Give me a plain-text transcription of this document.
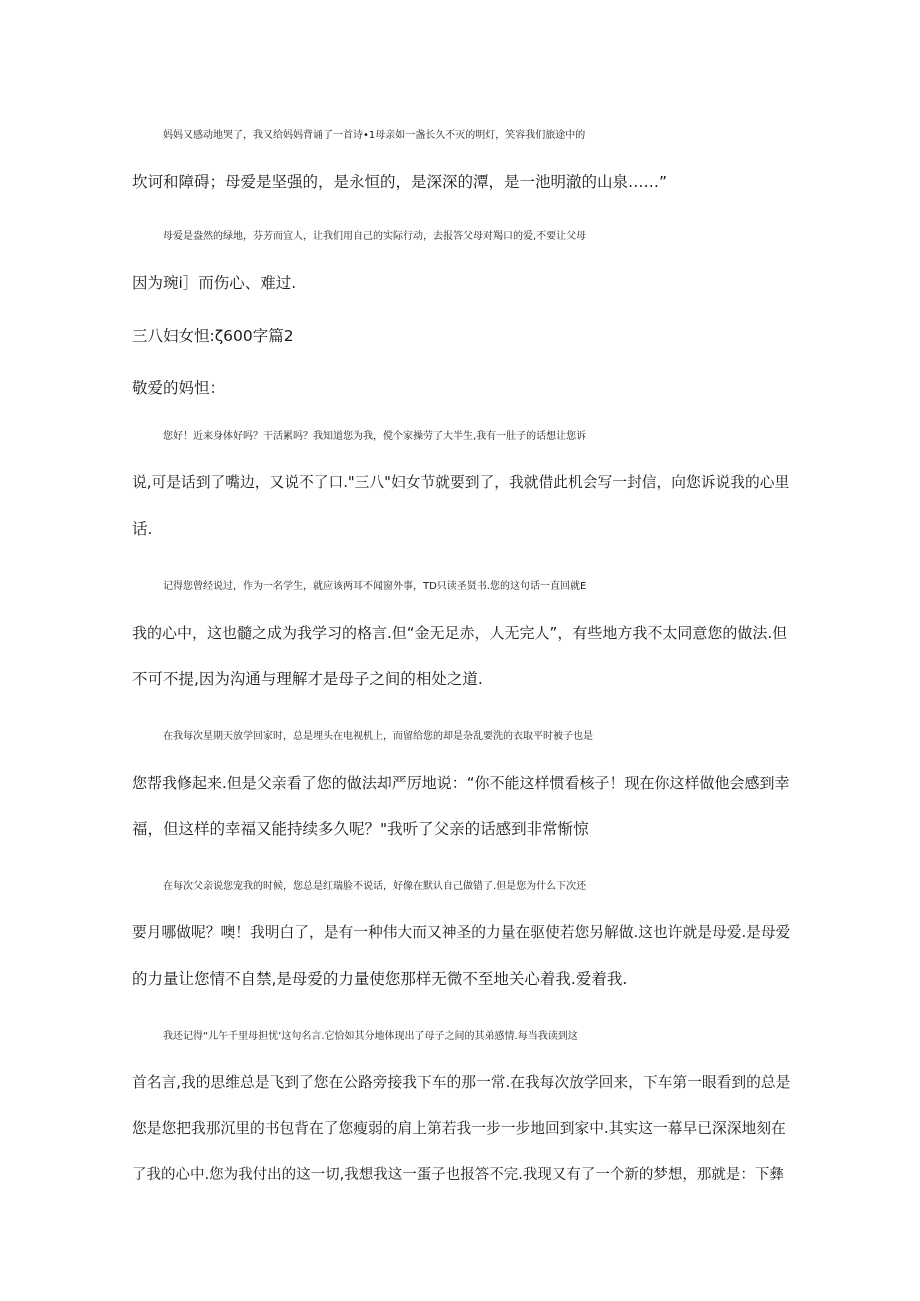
妈妈又感动地哭了，我又给妈妈背诵了一首诗•1母亲如一盏长久不灭的明灯，笑容我们旅途中的
坎诃和障碍；母爱是坚强的，是永恒的，是深深的潭，是一池明澈的山泉……”
母爱是盎然的绿地，芬芳而宜人，让我们用自己的实际行动，去报答父母对羯口的爱,不要让父母
因为琬i］而伤心、难过.
三八妇女怛:ζ600字篇2
敬爱的妈怛：
您好！近来身体好吗？干活累吗？我知道您为我，傥个家操劳了大半生,我有一肚子的话想让您诉
说,可是话到了嘴边，又说不了口."三八"妇女节就要到了，我就借此机会写一封信，向您诉说我的心里
话.
记得您曾经说过，作为一名学生，就应该两耳不闻窗外事，TD只读圣贤书.您的这句话一直回就E
我的心中，这也髓之成为我学习的格言.但“金无足赤，人无完人”，有些地方我不太同意您的做法.但
不可不提,因为沟通与理解才是母子之间的相处之道.
在我每次星期天放学回家时，总是埋头在电视机上，而留给您的却是杂乱要洗的衣取平时被子也是
您帮我修起来.但是父亲看了您的做法却严厉地说：“你不能这样惯看核子！现在你这样做他会感到幸
福，但这样的幸福又能持续多久呢？"我听了父亲的话感到非常惭惊
在每次父亲说您宠我的时候，您总是红瑞脸不说话，好像在默认自己做错了.但是您为什么下次还
要月哪做呢？噢！我明白了，是有一种伟大而又神圣的力量在驱使若您另解做.这也许就是母爱.是母爱
的力量让您情不自禁,是母爱的力量使您那样无微不至地关心着我.爱着我.
我还记得“儿午千里母担忧’这句名言.它恰如其分地体现出了母子之间的其弟感情.每当我读到这
首名言,我的思维总是飞到了您在公路旁接我下车的那一常.在我每次放学回来，下车第一眼看到的总是
您是您把我那沉里的书包背在了您瘦弱的肩上第若我一步一步地回到家中.其实这一幕早已深深地刻在
了我的心中.您为我付出的这一切,我想我这一蛋子也报答不完.我现又有了一个新的梦想，那就是：下彝
